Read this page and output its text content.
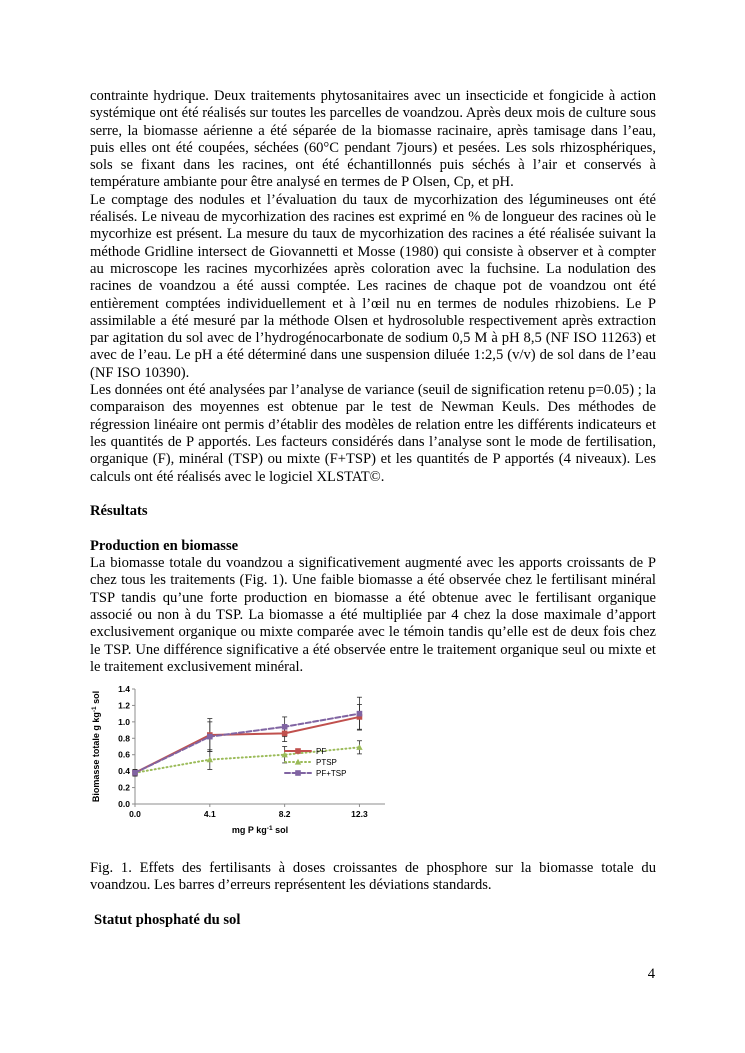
contrainte hydrique. Deux traitements phytosanitaires avec un insecticide et fongicide à action systémique ont été réalisés sur toutes les parcelles de voandzou. Après deux mois de culture sous serre, la biomasse aérienne a été séparée de la biomasse racinaire, après tamisage dans l’eau, puis elles ont été coupées, séchées (60°C pendant 7jours) et pesées. Les sols rhizosphériques, sols se fixant dans les racines, ont été échantillonnés puis séchés à l’air et conservés à température ambiante pour être analysé en termes de P Olsen, Cp, et pH.

Le comptage des nodules et l’évaluation du taux de mycorhization des légumineuses ont été réalisés. Le niveau de mycorhization des racines est exprimé en % de longueur des racines où le mycorhize est présent. La mesure du taux de mycorhization des racines a été réalisée suivant la méthode Gridline intersect de Giovannetti et Mosse (1980) qui consiste à observer et à compter au microscope les racines mycorhizées après coloration avec la fuchsine. La nodulation des racines de voandzou a été aussi comptée. Les racines de chaque pot de voandzou ont été entièrement comptées individuellement et à l’œil nu en termes de nodules rhizobiens. Le P assimilable a été mesuré par la méthode Olsen et hydrosoluble respectivement après extraction par agitation du sol avec de l’hydrogénocarbonate de sodium 0,5 M à pH 8,5 (NF ISO 11263) et avec de l’eau. Le pH a été déterminé dans une suspension diluée 1:2,5 (v/v) de sol dans de l’eau (NF ISO 10390).

Les données ont été analysées par l’analyse de variance (seuil de signification retenu p=0.05) ; la comparaison des moyennes est obtenue par le test de Newman Keuls. Des méthodes de régression linéaire ont permis d’établir des modèles de relation entre les différents indicateurs et les quantités de P apportés. Les facteurs considérés dans l’analyse sont le mode de fertilisation, organique (F), minéral (TSP) ou mixte (F+TSP) et les quantités de P apportés (4 niveaux). Les calculs ont été réalisés avec le logiciel XLSTAT©.

Résultats
Production en biomasse

La biomasse totale du voandzou a significativement augmenté avec les apports croissants de P chez tous les traitements (Fig. 1). Une faible biomasse a été observée chez le fertilisant minéral TSP tandis qu’une forte production en biomasse a été obtenue avec le fertilisant organique associé ou non à du TSP. La biomasse a été multipliée par 4 chez la dose maximale d’apport exclusivement organique ou mixte comparée avec le témoin tandis qu’elle est de deux fois chez le TSP. Une différence significative a été observée entre le traitement organique seul ou mixte et le traitement exclusivement minéral.

0.0
0.2
0.4
0.6
0.8
1.0
1.2
1.4
0.0	4.1	8.2	12.3
PF
PTSP
PF+TSP
mg P $kg^{-1}$ sol
Biomasse totale g $kg^{-1}$ sol

Fig. 1. Effets des fertilisants à doses croissantes de phosphore sur la biomasse totale du voandzou. Les barres d’erreurs représentent les déviations standards.

Statut phosphaté du sol
4
